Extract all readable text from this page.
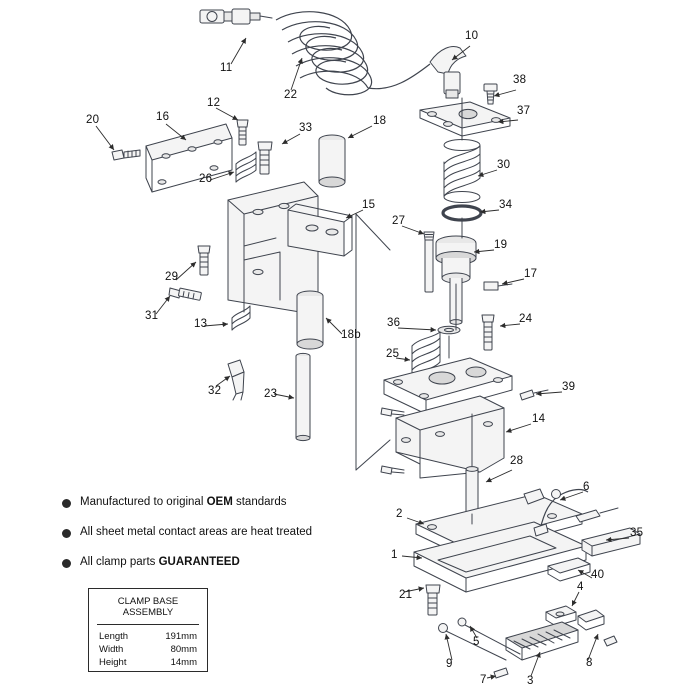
1
2
3
4
5
6
7
8
9
10
11
12
13
14
15
16
17
18
18b
19
20
21
22
23
24
25
26
27
28
29
30
31
32
33
34
35
36
37
38
39
40
Manufactured to original OEM standards
All sheet metal contact areas are heat treated
All clamp parts GUARANTEED
CLAMP BASE
ASSEMBLY
Length	191mm
Width	80mm
Height	14mm
